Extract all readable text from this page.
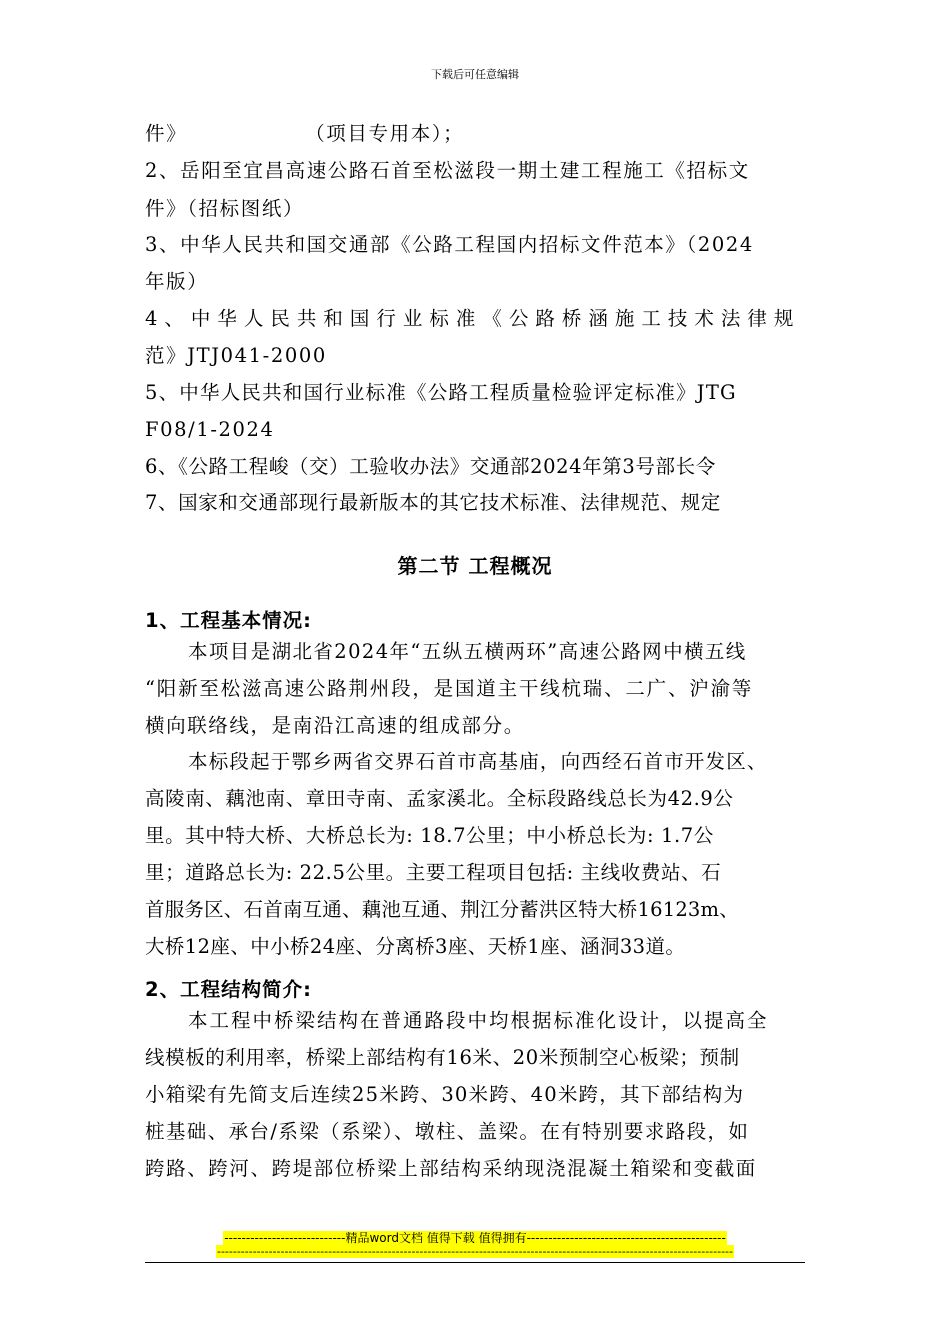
下载后可任意编辑
件》	（项目专用本）；
2、岳阳至宜昌高速公路石首至松滋段一期土建工程施工《招标文
件》（招标图纸）
3、中华人民共和国交通部《公路工程国内招标文件范本》（2024
年版）
4、中华人民共和国行业标准《公路桥涵施工技术法律规
范》JTJ041-2000
5、中华人民共和国行业标准《公路工程质量检验评定标准》JTG
F08/1-2024
6、《公路工程峻（交）工验收办法》交通部2024年第3号部长令
7、国家和交通部现行最新版本的其它技术标准、法律规范、规定
第二节 工程概况
1、工程基本情况:
本项目是湖北省2024年“五纵五横两环”高速公路网中横五线
“阳新至松滋高速公路荆州段，是国道主干线杭瑞、二广、沪渝等
横向联络线，是南沿江高速的组成部分。
本标段起于鄂乡两省交界石首市高基庙，向西经石首市开发区、
高陵南、藕池南、章田寺南、孟家溪北。全标段路线总长为42.9公
里。其中特大桥、大桥总长为: 18.7公里；中小桥总长为: 1.7公
里；道路总长为: 22.5公里。主要工程项目包括: 主线收费站、石
首服务区、石首南互通、藕池互通、荆江分蓄洪区特大桥16123m、
大桥12座、中小桥24座、分离桥3座、天桥1座、涵洞33道。
2、工程结构简介:
本工程中桥梁结构在普通路段中均根据标准化设计，以提高全
线模板的利用率，桥梁上部结构有16米、20米预制空心板梁；预制
小箱梁有先简支后连续25米跨、30米跨、40米跨，其下部结构为
桩基础、承台/系梁（系梁）、墩柱、盖梁。在有特别要求路段，如
跨路、跨河、跨堤部位桥梁上部结构采纳现浇混凝土箱梁和变截面
----------------------------精品word文档 值得下载 值得拥有----------------------------------------------
----------------------------------------------------------------------------------------------------------------------------------
